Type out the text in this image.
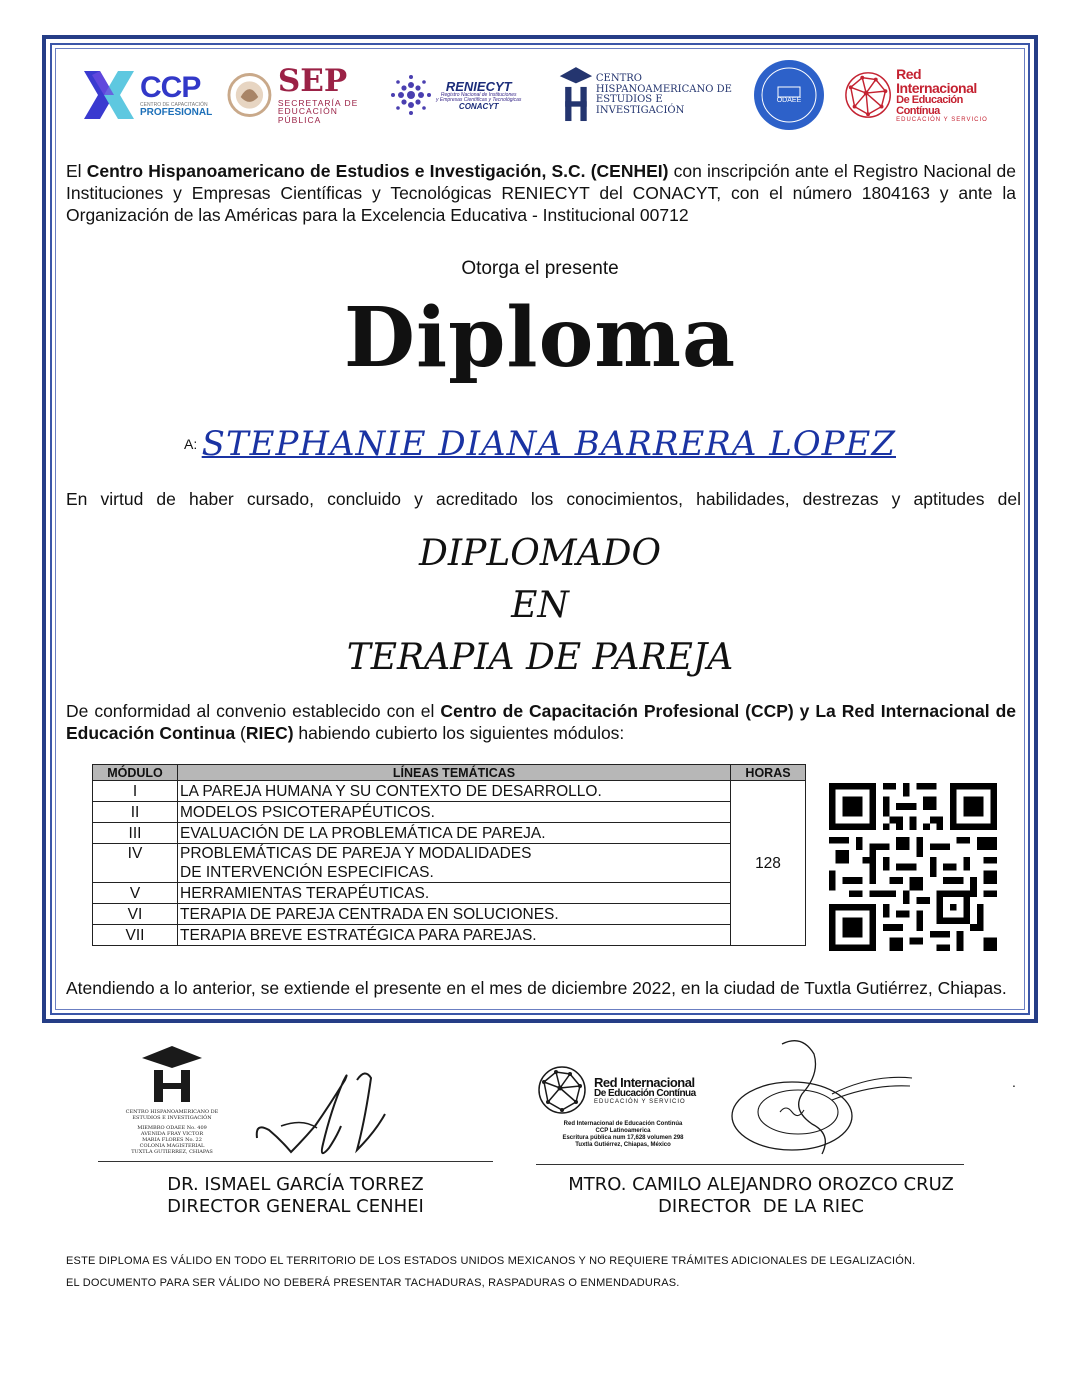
CCP
CENTRO DE CAPACITACIÓN
PROFESIONAL
SEP
SECRETARÍA DE
EDUCACIÓN PÚBLICA
RENIECYT
Registro Nacional de Instituciones
y Empresas Científicas y Tecnológicas
CONACYT
CENTRO
HISPANOAMERICANO DE
ESTUDIOS E INVESTIGACIÓN
ODAEE
Red Internacional
De Educación Contínua
EDUCACIÓN Y SERVICIO
El Centro Hispanoamericano de Estudios e Investigación, S.C. (CENHEI) con inscripción ante el Registro Nacional de Instituciones y Empresas Científicas y Tecnológicas RENIECYT del CONACYT, con el número 1804163 y ante la Organización de las Américas para la Excelencia Educativa - Institucional 00712
Otorga el presente
Diploma
A: STEPHANIE DIANA BARRERA LOPEZ
En virtud de haber cursado, concluido y acreditado los conocimientos, habilidades, destrezas y aptitudes del
DIPLOMADO
EN
TERAPIA DE PAREJA
De conformidad al convenio establecido con el Centro de Capacitación Profesional (CCP) y La Red Internacional de Educación Continua (RIEC) habiendo cubierto los siguientes módulos:
MÓDULO	LÍNEAS TEMÁTICAS	HORAS
I	LA PAREJA HUMANA Y SU CONTEXTO DE DESARROLLO.	128
II	MODELOS PSICOTERAPÉUTICOS.	
III	EVALUACIÓN DE LA PROBLEMÁTICA DE PAREJA.	
IV	PROBLEMÁTICAS DE PAREJA Y MODALIDADES DE INTERVENCIÓN ESPECIFICAS.	
V	HERRAMIENTAS TERAPÉUTICAS.	
VI	TERAPIA DE PAREJA CENTRADA EN SOLUCIONES.	
VII	TERAPIA BREVE ESTRATÉGICA PARA PAREJAS.	
Atendiendo a lo anterior, se extiende el presente en el mes de diciembre 2022, en la ciudad de Tuxtla Gutiérrez, Chiapas.
CENTRO HISPANOAMERICANO DE
ESTUDIOS E INVESTIGACIÓN
MIEMBRO ODAEE No. 409
AVENIDA FRAY VICTOR
MARIA FLORES No. 22
COLONIA MAGISTERIAL
TUXTLA GUTIERREZ, CHIAPAS
DR. ISMAEL GARCÍA TORREZ
DIRECTOR GENERAL CENHEI
Red Internacional
De Educación Contínua
EDUCACIÓN Y SERVICIO
Red Internacional de Educación Continúa
CCP Latinoamerica
Escritura pública num 17,628 volumen 298
Tuxtla Gutiérrez, Chiapas, México
MTRO. CAMILO ALEJANDRO OROZCO CRUZ
DIRECTOR  DE LA RIEC
.
ESTE DIPLOMA ES VÁLIDO EN TODO EL TERRITORIO DE LOS ESTADOS UNIDOS MEXICANOS Y NO REQUIERE TRÁMITES ADICIONALES DE LEGALIZACIÓN.
EL DOCUMENTO PARA SER VÁLIDO NO DEBERÁ PRESENTAR TACHADURAS, RASPADURAS O ENMENDADURAS.
